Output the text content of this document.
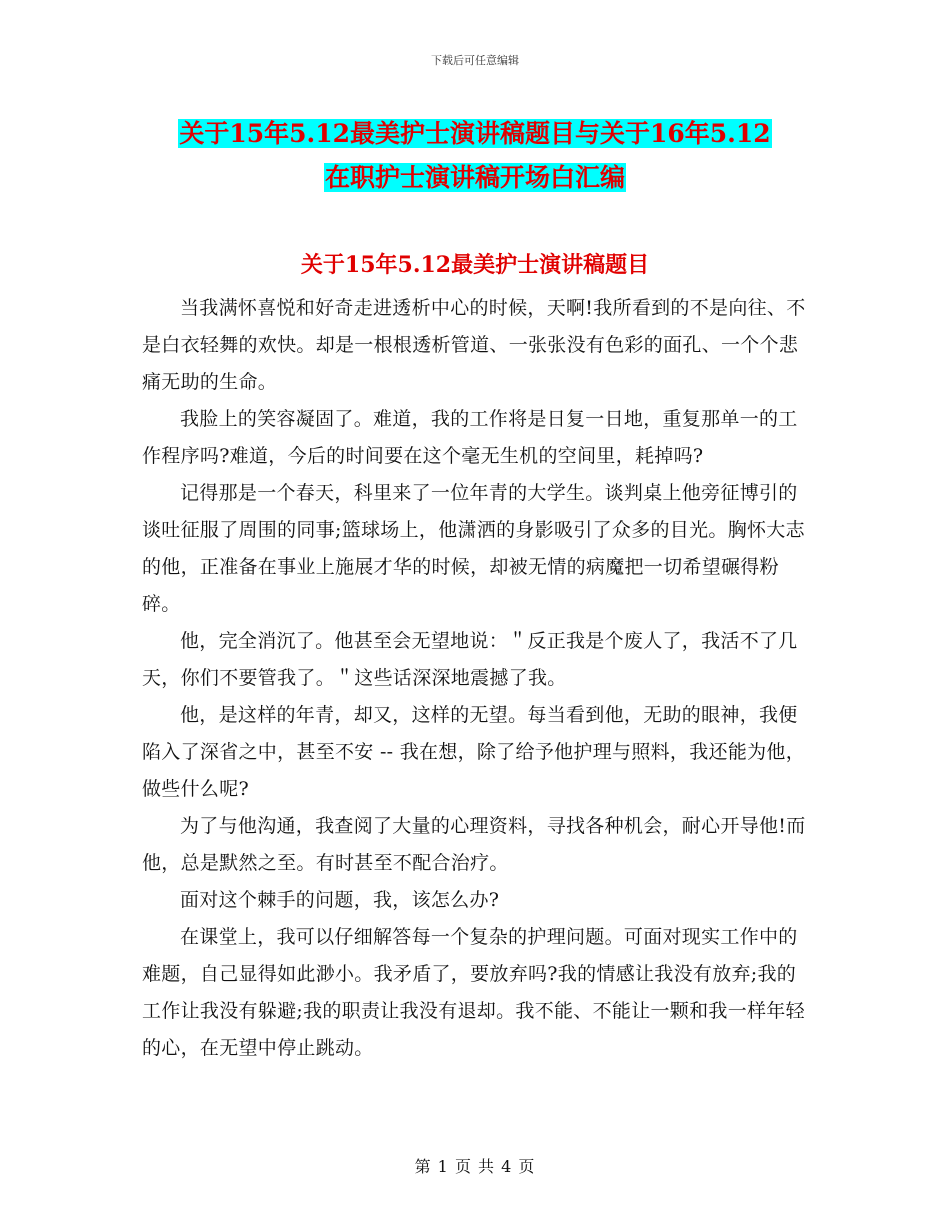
下载后可任意编辑
关于15年5.12最美护士演讲稿题目与关于16年5.12
在职护士演讲稿开场白汇编
关于15年5.12最美护士演讲稿题目

当我满怀喜悦和好奇走进透析中心的时候，天啊!我所看到的不是向往、不是白衣轻舞的欢快。却是一根根透析管道、一张张没有色彩的面孔、一个个悲痛无助的生命。

我脸上的笑容凝固了。难道，我的工作将是日复一日地，重复那单一的工作程序吗?难道，今后的时间要在这个毫无生机的空间里，耗掉吗?

记得那是一个春天，科里来了一位年青的大学生。谈判桌上他旁征博引的谈吐征服了周围的同事;篮球场上，他潇洒的身影吸引了众多的目光。胸怀大志的他，正准备在事业上施展才华的时候，却被无情的病魔把一切希望碾得粉碎。

他，完全消沉了。他甚至会无望地说：＂反正我是个废人了，我活不了几天，你们不要管我了。＂这些话深深地震撼了我。

他，是这样的年青，却又，这样的无望。每当看到他，无助的眼神，我便陷入了深省之中，甚至不安 -- 我在想，除了给予他护理与照料，我还能为他，做些什么呢?

为了与他沟通，我查阅了大量的心理资料，寻找各种机会，耐心开导他!而他，总是默然之至。有时甚至不配合治疗。

面对这个棘手的问题，我，该怎么办?

在课堂上，我可以仔细解答每一个复杂的护理问题。可面对现实工作中的难题，自己显得如此渺小。我矛盾了，要放弃吗?我的情感让我没有放弃;我的工作让我没有躲避;我的职责让我没有退却。我不能、不能让一颗和我一样年轻的心，在无望中停止跳动。

第 1 页 共 4 页
